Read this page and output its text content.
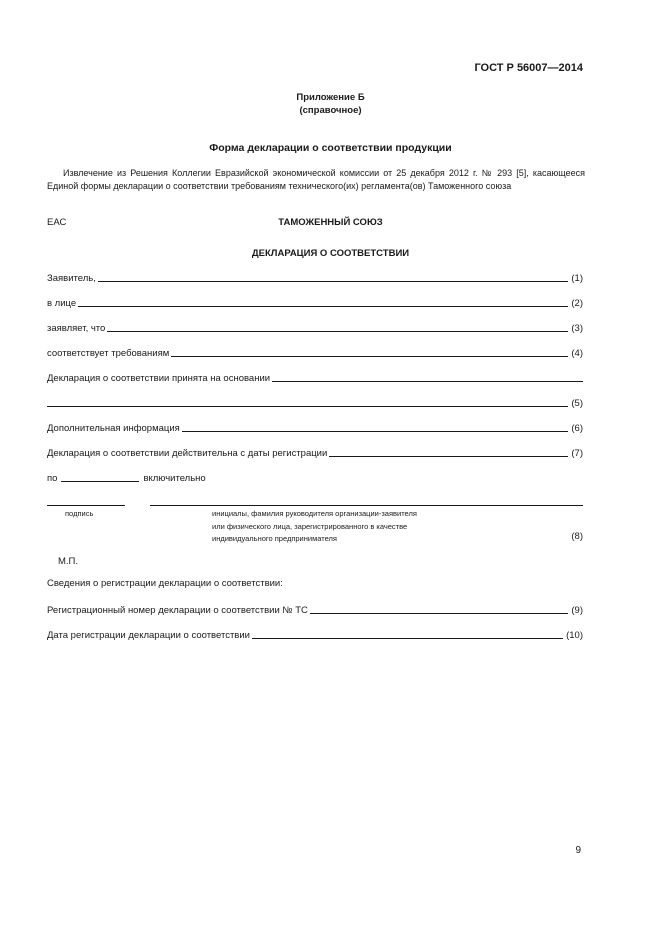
ГОСТ Р 56007—2014
Приложение Б
(справочное)
Форма декларации о соответствии продукции
Извлечение из Решения Коллегии Евразийской экономической комиссии от 25 декабря 2012 г. № 293 [5], касающееся Единой формы декларации о соответствии требованиям технического(их) регламента(ов) Таможенного союза
ЕАС	ТАМОЖЕННЫЙ СОЮЗ
ДЕКЛАРАЦИЯ О СООТВЕТСТВИИ
Заявитель,	(1)
в лице	(2)
заявляет, что	(3)
соответствует требованиям	(4)
Декларация о соответствии принята на основании
(5)
Дополнительная информация	(6)
Декларация о соответствии действительна с даты регистрации	(7)
по	включительно
подпись	инициалы, фамилия руководителя организации-заявителя
или физического лица, зарегистрированного в качестве
индивидуального предпринимателя	(8)
М.П.
Сведения о регистрации декларации о соответствии:
Регистрационный номер декларации о соответствии № ТС	(9)
Дата регистрации декларации о соответствии	(10)
9
